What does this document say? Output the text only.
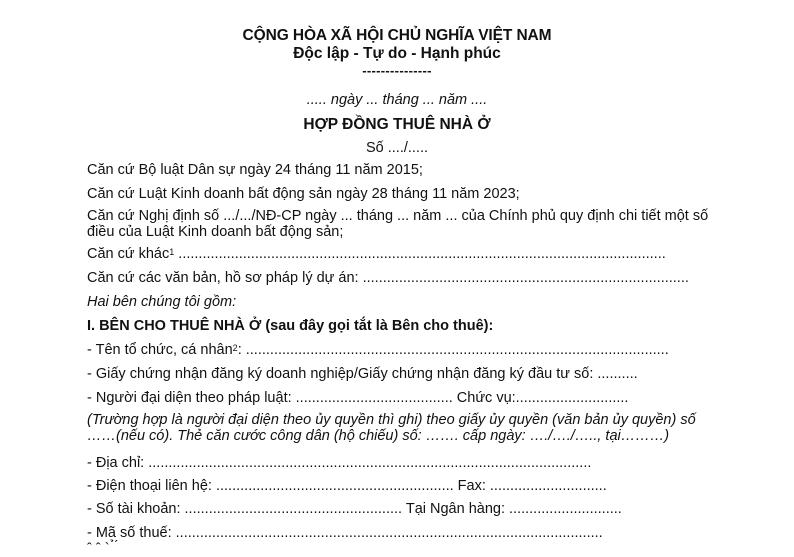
CỘNG HÒA XÃ HỘI CHỦ NGHĨA VIỆT NAM
Độc lập - Tự do - Hạnh phúc
---------------
..... ngày ... tháng ... năm ....
HỢP ĐỒNG THUÊ NHÀ Ở
Số ..../.....
Căn cứ Bộ luật Dân sự ngày 24 tháng 11 năm 2015;
Căn cứ Luật Kinh doanh bất động sản ngày 28 tháng 11 năm 2023;
Căn cứ Nghị định số .../.../NĐ-CP ngày ... tháng ... năm ... của Chính phủ quy định chi tiết một số điều của Luật Kinh doanh bất động sản;
Căn cứ khác$^1$ .........................................................................................................................
Căn cứ các văn bản, hồ sơ pháp lý dự án: .................................................................................
Hai bên chúng tôi gồm:
I. BÊN CHO THUÊ NHÀ Ở (sau đây gọi tắt là Bên cho thuê):
- Tên tổ chức, cá nhân$^2$: .........................................................................................................
- Giấy chứng nhận đăng ký doanh nghiệp/Giấy chứng nhận đăng ký đầu tư số: ..........
- Người đại diện theo pháp luật: ....................................... Chức vụ:............................
(Trường hợp là người đại diện theo ủy quyền thì ghi) theo giấy ủy quyền (văn bản ủy quyền) số ……(nếu có). Thẻ căn cước công dân (hộ chiếu) số: ……. cấp ngày: …./…./….., tại………)
- Địa chỉ: ..............................................................................................................
- Điện thoại liên hệ: ........................................................... Fax: .............................
- Số tài khoản: ...................................................... Tại Ngân hàng: ............................
- Mã số thuế: ..........................................................................................................
ˆ ˆ ` ̉ ́
